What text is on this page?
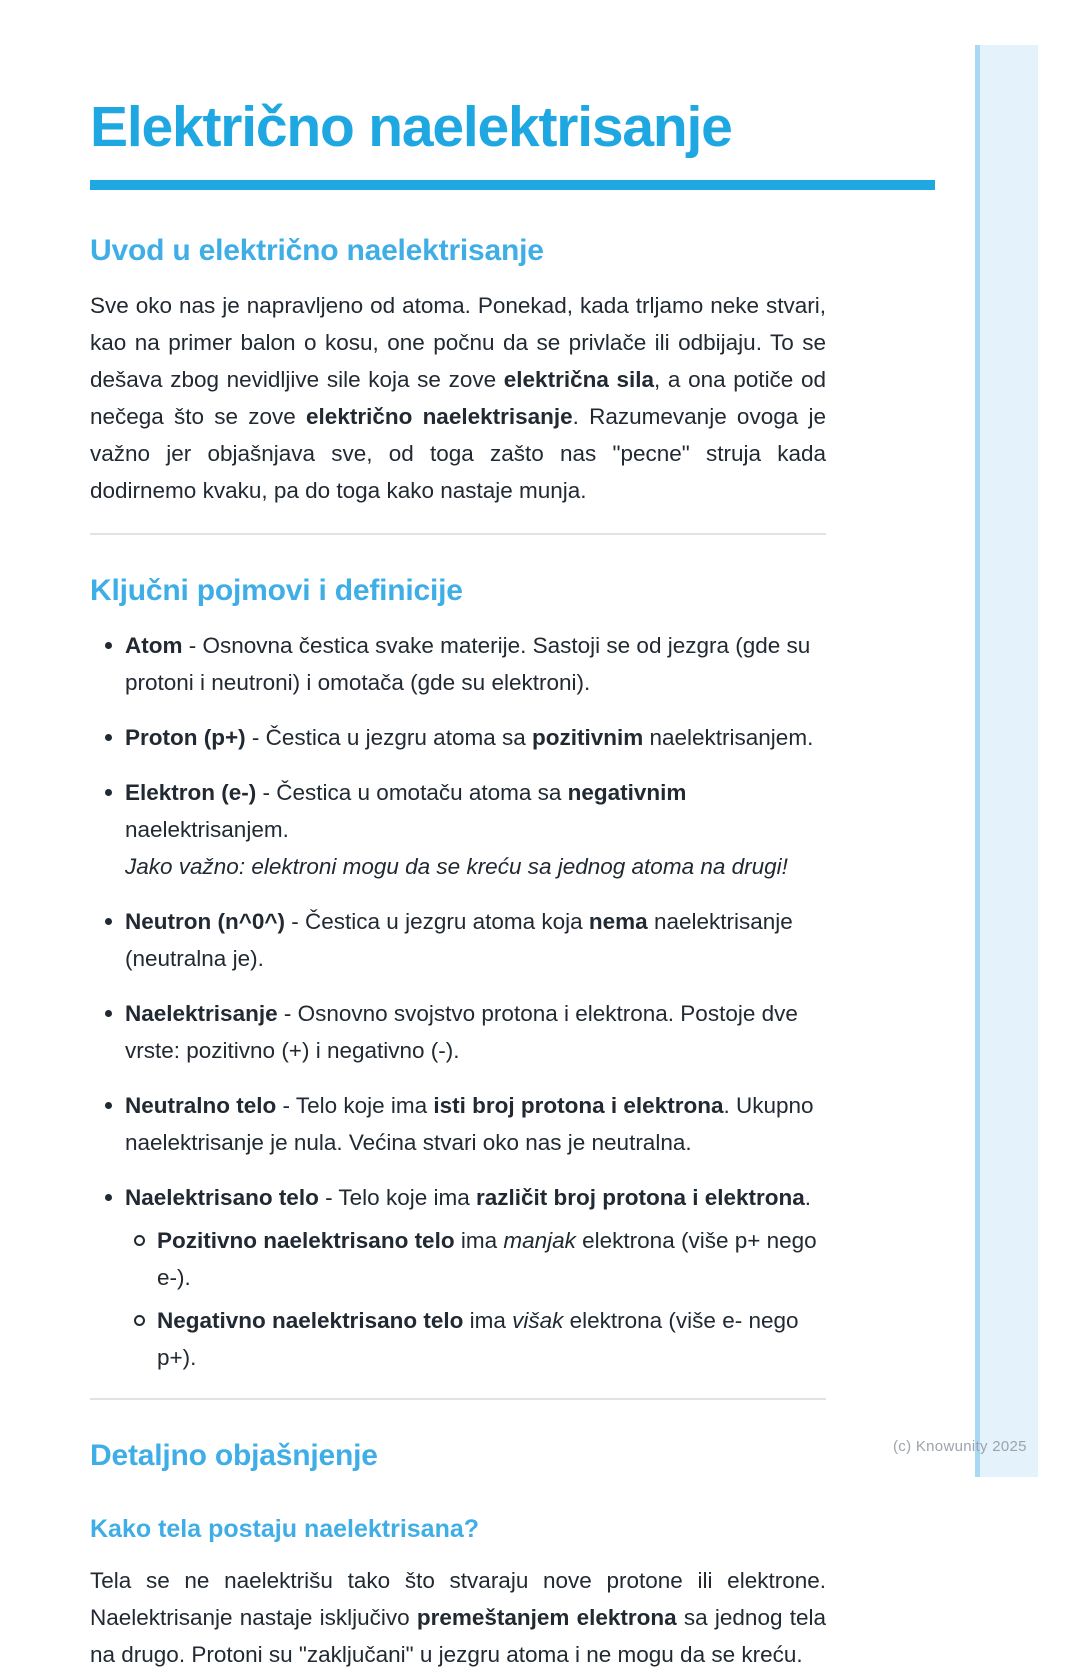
Električno naelektrisanje
Uvod u električno naelektrisanje

Sve oko nas je napravljeno od atoma. Ponekad, kada trljamo neke stvari, kao na primer balon o kosu, one počnu da se privlače ili odbijaju. To se dešava zbog nevidljive sile koja se zove električna sila, a ona potiče od nečega što se zove električno naelektrisanje. Razumevanje ovoga je važno jer objašnjava sve, od toga zašto nas "pecne" struja kada dodirnemo kvaku, pa do toga kako nastaje munja.

Ključni pojmovi i definicije
Atom - Osnovna čestica svake materije. Sastoji se od jezgra (gde su protoni i neutroni) i omotača (gde su elektroni).
Proton (p+) - Čestica u jezgru atoma sa pozitivnim naelektrisanjem.
Elektron (e-) - Čestica u omotaču atoma sa negativnim naelektrisanjem.
Jako važno: elektroni mogu da se kreću sa jednog atoma na drugi!
Neutron (n^0^) - Čestica u jezgru atoma koja nema naelektrisanje (neutralna je).
Naelektrisanje - Osnovno svojstvo protona i elektrona. Postoje dve vrste: pozitivno (+) i negativno (-).
Neutralno telo - Telo koje ima isti broj protona i elektrona. Ukupno naelektrisanje je nula. Većina stvari oko nas je neutralna.
Naelektrisano telo - Telo koje ima različit broj protona i elektrona.
Pozitivno naelektrisano telo ima manjak elektrona (više p+ nego e-).
Negativno naelektrisano telo ima višak elektrona (više e- nego p+).
Detaljno objašnjenje
Kako tela postaju naelektrisana?

Tela se ne naelektrišu tako što stvaraju nove protone ili elektrone. Naelektrisanje nastaje isključivo premeštanjem elektrona sa jednog tela na drugo. Protoni su "zaključani" u jezgru atoma i ne mogu da se kreću.

(c) Knowunity 2025
